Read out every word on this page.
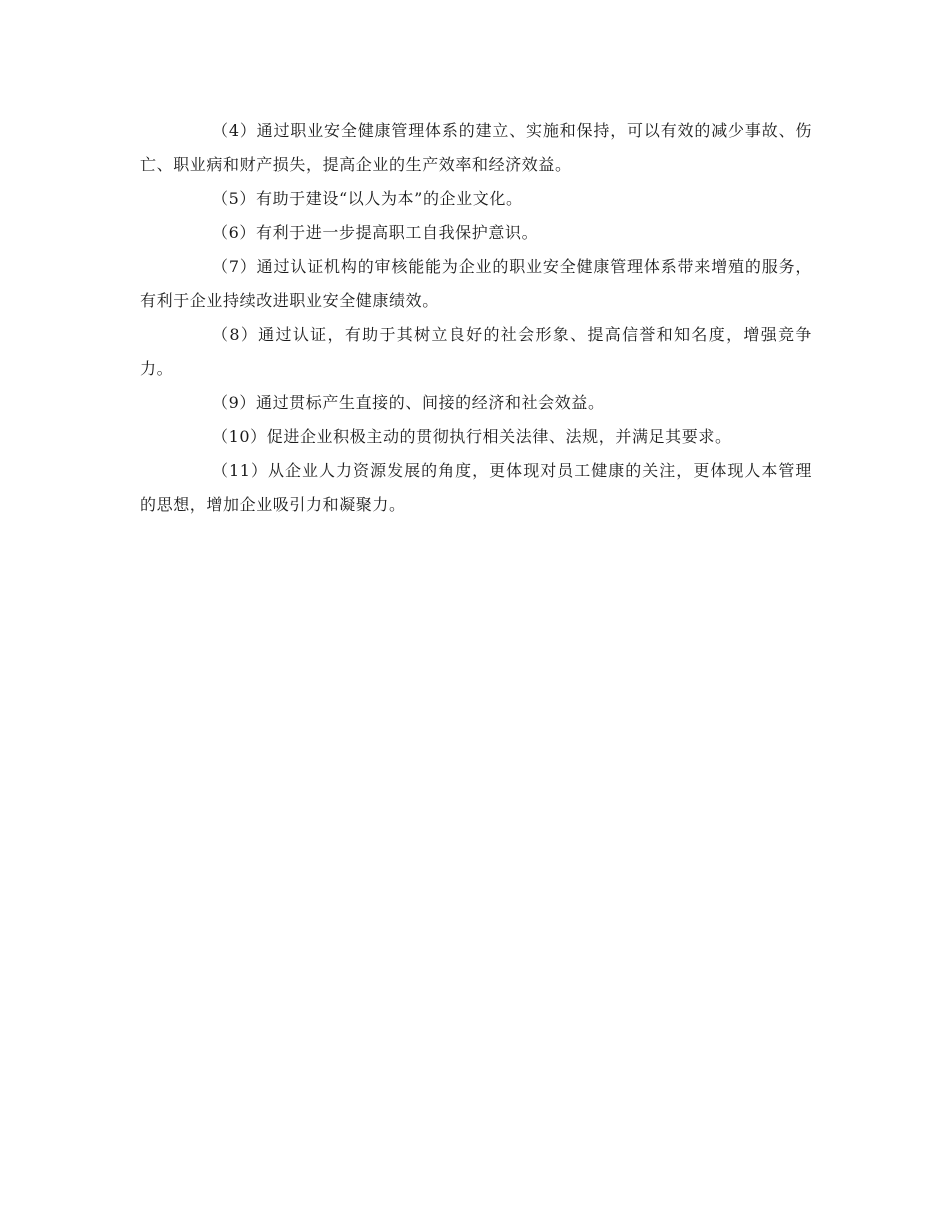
（4）通过职业安全健康管理体系的建立、实施和保持，可以有效的减少事故、伤亡、职业病和财产损失，提高企业的生产效率和经济效益。

（5）有助于建设“以人为本”的企业文化。

（6）有利于进一步提高职工自我保护意识。

（7）通过认证机构的审核能能为企业的职业安全健康管理体系带来增殖的服务，有利于企业持续改进职业安全健康绩效。

（8）通过认证，有助于其树立良好的社会形象、提高信誉和知名度，增强竞争力。

（9）通过贯标产生直接的、间接的经济和社会效益。

（10）促进企业积极主动的贯彻执行相关法律、法规，并满足其要求。

（11）从企业人力资源发展的角度，更体现对员工健康的关注，更体现人本管理的思想，增加企业吸引力和凝聚力。
